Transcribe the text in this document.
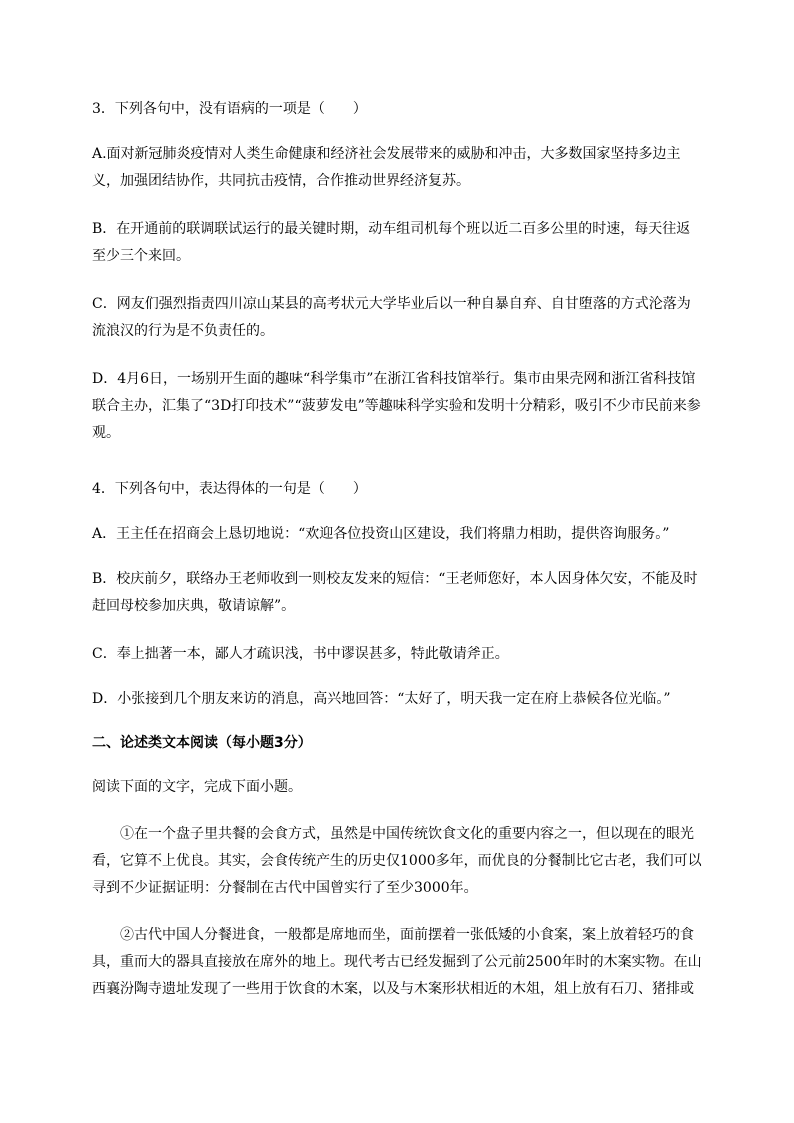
3．下列各句中，没有语病的一项是（　　）

A.面对新冠肺炎疫情对人类生命健康和经济社会发展带来的威胁和冲击，大多数国家坚持多边主义，加强团结协作，共同抗击疫情，合作推动世界经济复苏。

B．在开通前的联调联试运行的最关键时期，动车组司机每个班以近二百多公里的时速，每天往返至少三个来回。

C．网友们强烈指责四川凉山某县的高考状元大学毕业后以一种自暴自弃、自甘堕落的方式沦落为流浪汉的行为是不负责任的。

D．4月6日，一场别开生面的趣味“科学集市”在浙江省科技馆举行。集市由果壳网和浙江省科技馆联合主办，汇集了“3D打印技术”“菠萝发电”等趣味科学实验和发明十分精彩，吸引不少市民前来参观。

4．下列各句中，表达得体的一句是（　　）

A．王主任在招商会上恳切地说：“欢迎各位投资山区建设，我们将鼎力相助，提供咨询服务。”

B．校庆前夕，联络办王老师收到一则校友发来的短信：“王老师您好，本人因身体欠安，不能及时赶回母校参加庆典，敬请谅解”。

C．奉上拙著一本，鄙人才疏识浅，书中谬误甚多，特此敬请斧正。

D．小张接到几个朋友来访的消息，高兴地回答：“太好了，明天我一定在府上恭候各位光临。”

二、论述类文本阅读（每小题3分）

阅读下面的文字，完成下面小题。

①在一个盘子里共餐的会食方式，虽然是中国传统饮食文化的重要内容之一，但以现在的眼光看，它算不上优良。其实，会食传统产生的历史仅1000多年，而优良的分餐制比它古老，我们可以寻到不少证据证明：分餐制在古代中国曾实行了至少3000年。

②古代中国人分餐进食，一般都是席地而坐，面前摆着一张低矮的小食案，案上放着轻巧的食具，重而大的器具直接放在席外的地上。现代考古已经发掘到了公元前2500年时的木案实物。在山西襄汾陶寺遗址发现了一些用于饮食的木案，以及与木案形状相近的木俎，俎上放有石刀、猪排或
